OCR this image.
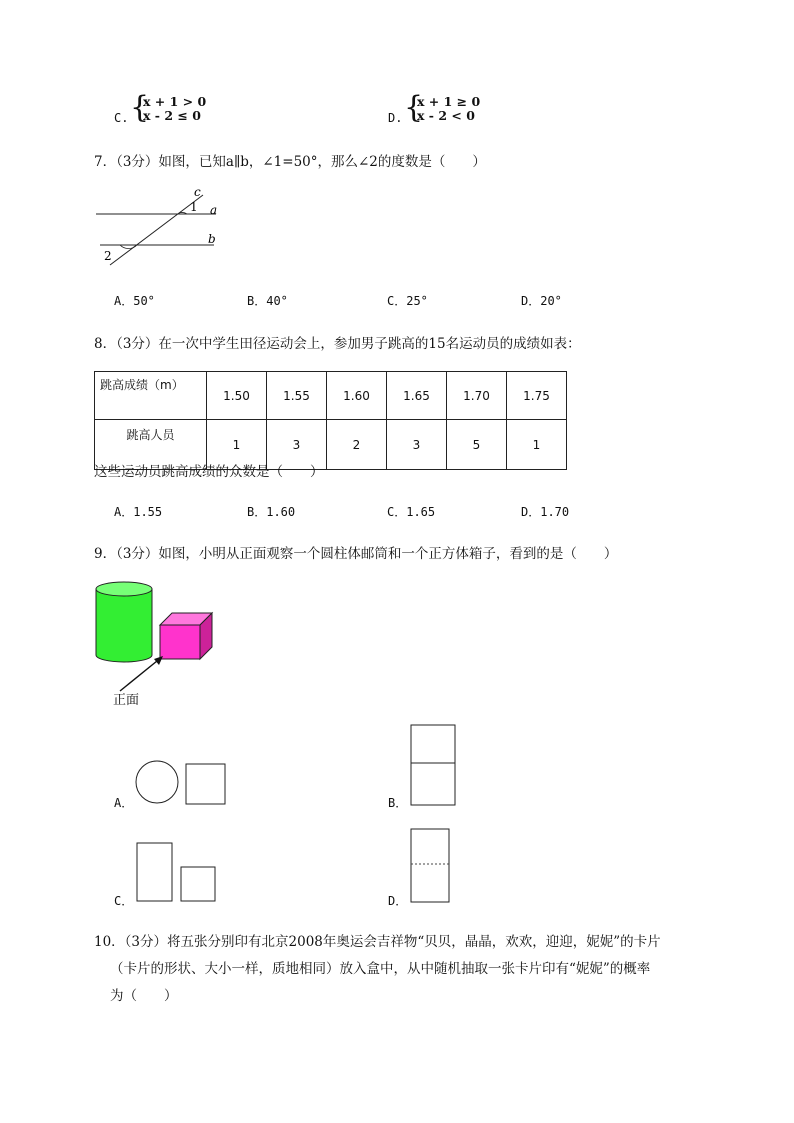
C. {
x + 1 > 0
x - 2 ≤ 0	D. {
x + 1 ≥ 0
x - 2 < 0
7．（3分）如图，已知a∥b，∠1=50°，那么∠2的度数是（　　）
c
a
b
1
2
A．50°	B．40°	C．25°	D．20°
8．（3分）在一次中学生田径运动会上，参加男子跳高的15名运动员的成绩如表：
跳高成绩（m）	1.50	1.55	1.60	1.65	1.70	1.75
跳高人员	1	3	2	3	5	1
这些运动员跳高成绩的众数是（　　）
A．1.55	B．1.60	C．1.65	D．1.70
9．（3分）如图，小明从正面观察一个圆柱体邮筒和一个正方体箱子，看到的是（　　）
正面
A．	B．
C．	D．
10．（3分）将五张分别印有北京2008年奥运会吉祥物“贝贝，晶晶，欢欢，迎迎，妮妮”的卡片
（卡片的形状、大小一样，质地相同）放入盒中，从中随机抽取一张卡片印有“妮妮”的概率
为（　　）
